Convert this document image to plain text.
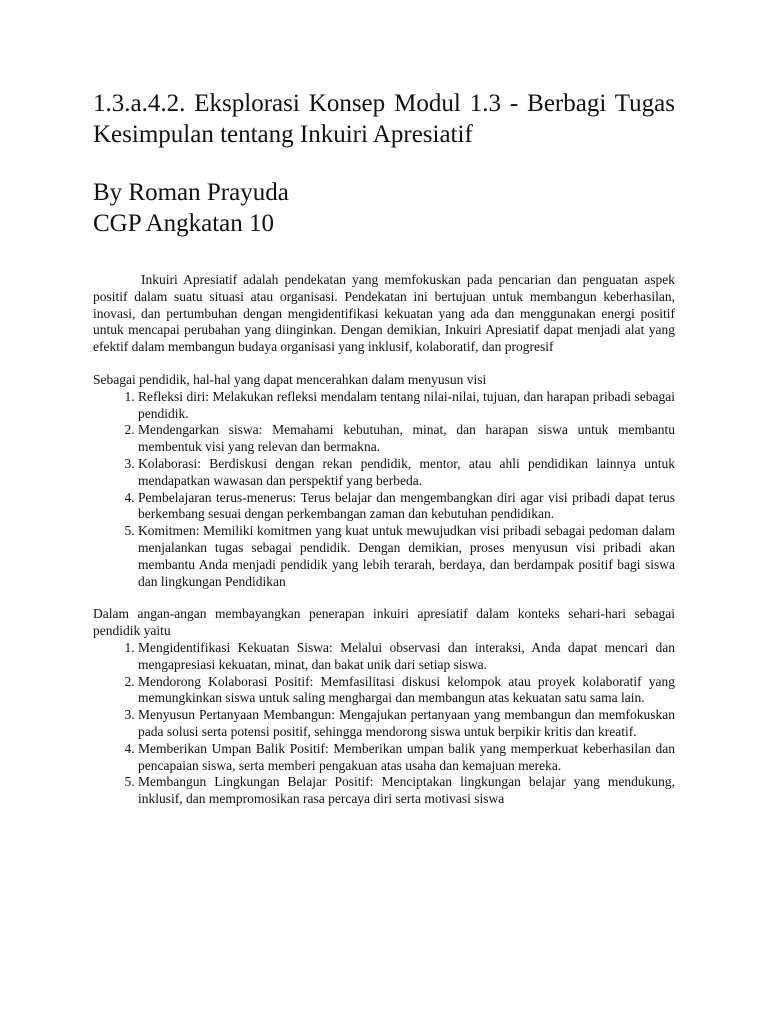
1.3.a.4.2. Eksplorasi Konsep Modul 1.3 - Berbagi Tugas Kesimpulan tentang Inkuiri Apresiatif
By Roman Prayuda
CGP Angkatan 10

Inkuiri Apresiatif adalah pendekatan yang memfokuskan pada pencarian dan penguatan aspek positif dalam suatu situasi atau organisasi. Pendekatan ini bertujuan untuk membangun keberhasilan, inovasi, dan pertumbuhan dengan mengidentifikasi kekuatan yang ada dan menggunakan energi positif untuk mencapai perubahan yang diinginkan. Dengan demikian, Inkuiri Apresiatif dapat menjadi alat yang efektif dalam membangun budaya organisasi yang inklusif, kolaboratif, dan progresif

Sebagai pendidik, hal-hal yang dapat mencerahkan dalam menyusun visi

1. Refleksi diri: Melakukan refleksi mendalam tentang nilai-nilai, tujuan, dan harapan pribadi sebagai pendidik.
2. Mendengarkan siswa: Memahami kebutuhan, minat, dan harapan siswa untuk membantu membentuk visi yang relevan dan bermakna.
3. Kolaborasi: Berdiskusi dengan rekan pendidik, mentor, atau ahli pendidikan lainnya untuk mendapatkan wawasan dan perspektif yang berbeda.
4. Pembelajaran terus-menerus: Terus belajar dan mengembangkan diri agar visi pribadi dapat terus berkembang sesuai dengan perkembangan zaman dan kebutuhan pendidikan.
5. Komitmen: Memiliki komitmen yang kuat untuk mewujudkan visi pribadi sebagai pedoman dalam menjalankan tugas sebagai pendidik. Dengan demikian, proses menyusun visi pribadi akan membantu Anda menjadi pendidik yang lebih terarah, berdaya, dan berdampak positif bagi siswa dan lingkungan Pendidikan

Dalam angan-angan membayangkan penerapan inkuiri apresiatif dalam konteks sehari-hari sebagai pendidik yaitu

1. Mengidentifikasi Kekuatan Siswa: Melalui observasi dan interaksi, Anda dapat mencari dan mengapresiasi kekuatan, minat, dan bakat unik dari setiap siswa.
2. Mendorong Kolaborasi Positif: Memfasilitasi diskusi kelompok atau proyek kolaboratif yang memungkinkan siswa untuk saling menghargai dan membangun atas kekuatan satu sama lain.
3. Menyusun Pertanyaan Membangun: Mengajukan pertanyaan yang membangun dan memfokuskan pada solusi serta potensi positif, sehingga mendorong siswa untuk berpikir kritis dan kreatif.
4. Memberikan Umpan Balik Positif: Memberikan umpan balik yang memperkuat keberhasilan dan pencapaian siswa, serta memberi pengakuan atas usaha dan kemajuan mereka.
5. Membangun Lingkungan Belajar Positif: Menciptakan lingkungan belajar yang mendukung, inklusif, dan mempromosikan rasa percaya diri serta motivasi siswa
